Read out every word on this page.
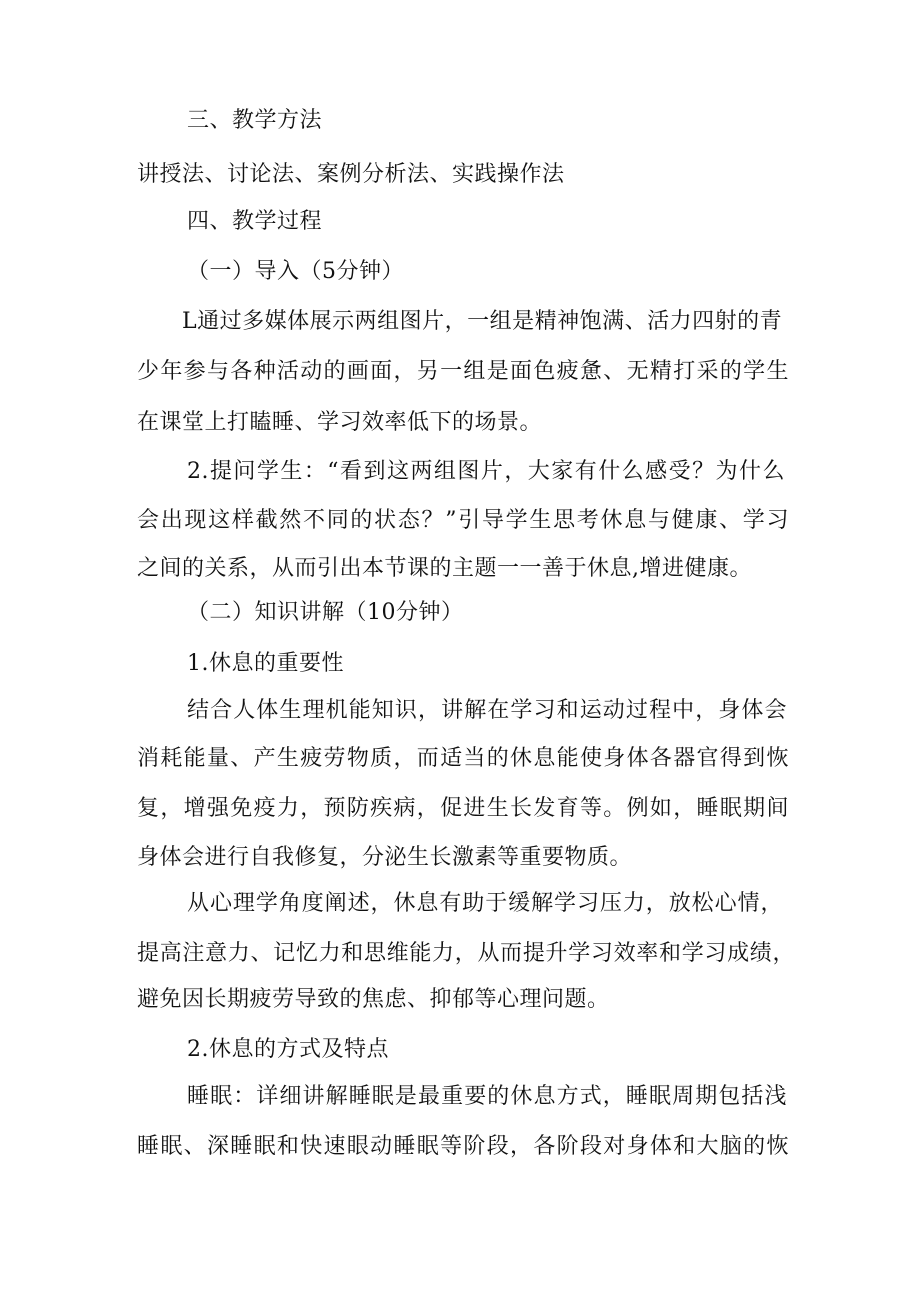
三、教学方法
讲授法、讨论法、案例分析法、实践操作法
四、教学过程
（一）导入（5分钟）
L通过多媒体展示两组图片，一组是精神饱满、活力四射的青
少年参与各种活动的画面，另一组是面色疲惫、无精打采的学生
在课堂上打瞌睡、学习效率低下的场景。
2.提问学生：“看到这两组图片，大家有什么感受？为什么
会出现这样截然不同的状态？”引导学生思考休息与健康、学习
之间的关系，从而引出本节课的主题一一善于休息,增进健康。
（二）知识讲解（10分钟）
1.休息的重要性
结合人体生理机能知识，讲解在学习和运动过程中，身体会
消耗能量、产生疲劳物质，而适当的休息能使身体各器官得到恢
复，增强免疫力，预防疾病，促进生长发育等。例如，睡眠期间
身体会进行自我修复，分泌生长激素等重要物质。
从心理学角度阐述，休息有助于缓解学习压力，放松心情，
提高注意力、记忆力和思维能力，从而提升学习效率和学习成绩，
避免因长期疲劳导致的焦虑、抑郁等心理问题。
2.休息的方式及特点
睡眠：详细讲解睡眠是最重要的休息方式，睡眠周期包括浅
睡眠、深睡眠和快速眼动睡眠等阶段，各阶段对身体和大脑的恢
